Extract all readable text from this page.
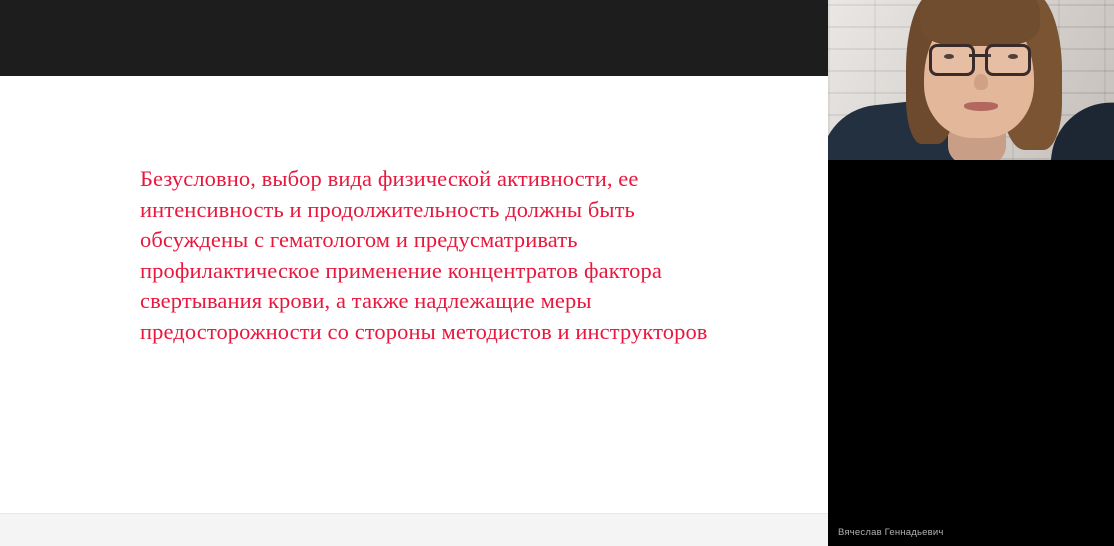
Безусловно, выбор вида физической активности, ее интенсивность и продолжительность должны быть обсуждены с гематологом и предусматривать профилактическое применение концентратов фактора свертывания крови, а также надлежащие меры предосторожности со стороны методистов и инструкторов
Вячеслав Геннадьевич
